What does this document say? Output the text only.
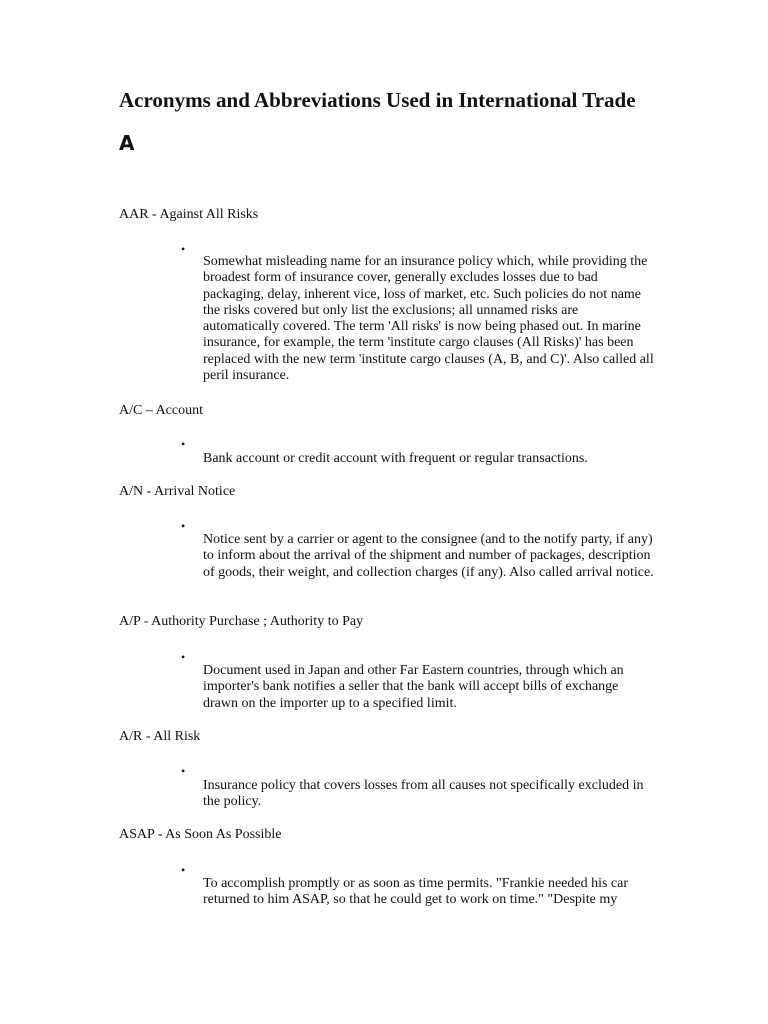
Acronyms and Abbreviations Used in International Trade
A

AAR - Against All Risks

•

Somewhat misleading name for an insurance policy which, while providing the broadest form of insurance cover, generally excludes losses due to bad packaging, delay, inherent vice, loss of market, etc. Such policies do not name the risks covered but only list the exclusions; all unnamed risks are automatically covered. The term 'All risks' is now being phased out. In marine insurance, for example, the term 'institute cargo clauses (All Risks)' has been replaced with the new term 'institute cargo clauses (A, B, and C)'. Also called all peril insurance.

A/C – Account

•

Bank account or credit account with frequent or regular transactions.

A/N - Arrival Notice

•

Notice sent by a carrier or agent to the consignee (and to the notify party, if any) to inform about the arrival of the shipment and number of packages, description of goods, their weight, and collection charges (if any). Also called arrival notice.

A/P - Authority Purchase ; Authority to Pay

•

Document used in Japan and other Far Eastern countries, through which an importer's bank notifies a seller that the bank will accept bills of exchange drawn on the importer up to a specified limit.

A/R - All Risk

•

Insurance policy that covers losses from all causes not specifically excluded in the policy.

ASAP - As Soon As Possible

•

To accomplish promptly or as soon as time permits. "Frankie needed his car returned to him ASAP, so that he could get to work on time." "Despite my
